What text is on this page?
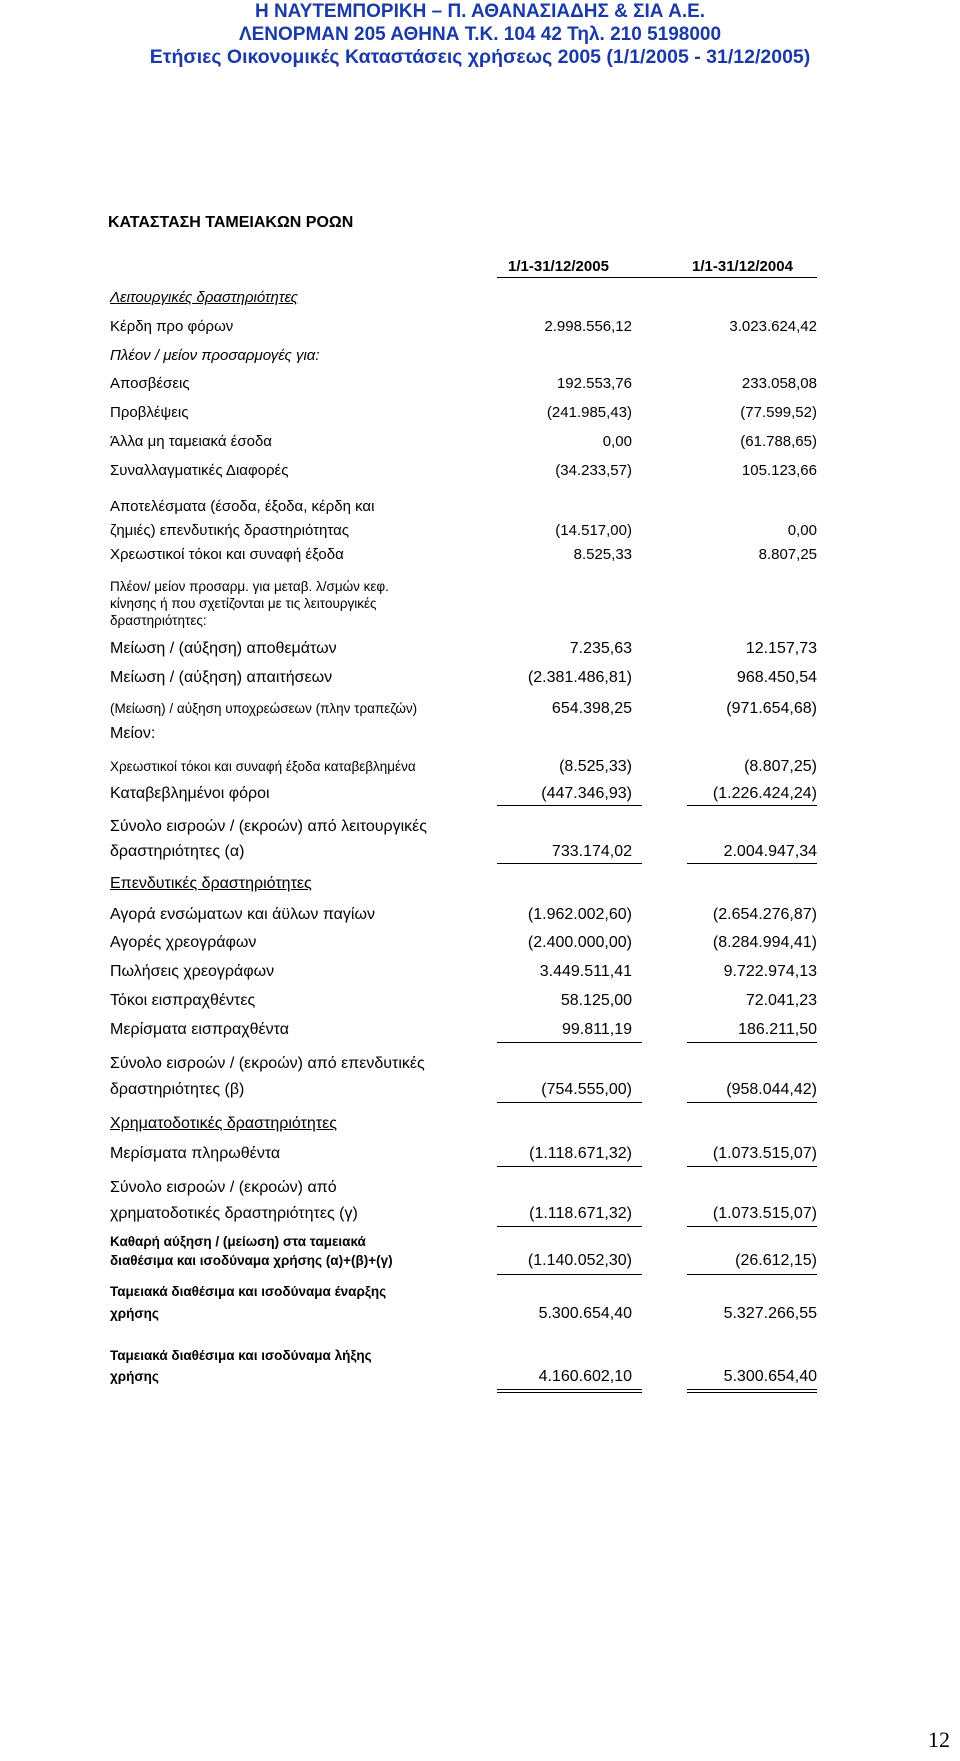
Η ΝΑΥΤΕΜΠΟΡΙΚΗ – Π. ΑΘΑΝΑΣΙΑΔΗΣ & ΣΙΑ Α.Ε.
ΛΕΝΟΡΜΑΝ 205 ΑΘΗΝΑ Τ.Κ. 104 42 Τηλ. 210 5198000
Ετήσιες Οικονομικές Καταστάσεις χρήσεως 2005 (1/1/2005 - 31/12/2005)
ΚΑΤΑΣΤΑΣΗ ΤΑΜΕΙΑΚΩΝ ΡΟΩΝ
1/1-31/12/2005	1/1-31/12/2004
Λειτουργικές δραστηριότητες
Κέρδη προ φόρων	2.998.556,12	3.023.624,42
Πλέον / μείον προσαρμογές για:
Αποσβέσεις	192.553,76	233.058,08
Προβλέψεις	(241.985,43)	(77.599,52)
Άλλα μη ταμειακά έσοδα	0,00	(61.788,65)
Συναλλαγματικές Διαφορές	(34.233,57)	105.123,66
Αποτελέσματα (έσοδα, έξοδα, κέρδη και
ζημιές) επενδυτικής δραστηριότητας	(14.517,00)	0,00
Χρεωστικοί τόκοι και συναφή έξοδα	8.525,33	8.807,25
Πλέον/ μείον προσαρμ. για μεταβ. λ/σμών κεφ.
κίνησης ή που σχετίζονται με τις λειτουργικές
δραστηριότητες:
Μείωση / (αύξηση) αποθεμάτων	7.235,63	12.157,73
Μείωση / (αύξηση) απαιτήσεων	(2.381.486,81)	968.450,54
(Μείωση) / αύξηση υποχρεώσεων (πλην τραπεζών)	654.398,25	(971.654,68)
Μείον:
Χρεωστικοί τόκοι και συναφή έξοδα καταβεβλημένα	(8.525,33)	(8.807,25)
Καταβεβλημένοι φόροι	(447.346,93)	(1.226.424,24)
Σύνολο εισροών / (εκροών) από λειτουργικές
δραστηριότητες (α)	733.174,02	2.004.947,34
Επενδυτικές δραστηριότητες
Αγορά ενσώματων και άϋλων παγίων	(1.962.002,60)	(2.654.276,87)
Αγορές χρεογράφων	(2.400.000,00)	(8.284.994,41)
Πωλήσεις χρεογράφων	3.449.511,41	9.722.974,13
Τόκοι εισπραχθέντες	58.125,00	72.041,23
Μερίσματα εισπραχθέντα	99.811,19	186.211,50
Σύνολο εισροών / (εκροών) από επενδυτικές
δραστηριότητες (β)	(754.555,00)	(958.044,42)
Χρηματοδοτικές δραστηριότητες
Μερίσματα πληρωθέντα	(1.118.671,32)	(1.073.515,07)
Σύνολο εισροών / (εκροών) από
χρηματοδοτικές δραστηριότητες (γ)	(1.118.671,32)	(1.073.515,07)
Καθαρή αύξηση / (μείωση) στα ταμειακά
διαθέσιμα και ισοδύναμα χρήσης (α)+(β)+(γ)	(1.140.052,30)	(26.612,15)
Ταμειακά διαθέσιμα και ισοδύναμα έναρξης
χρήσης	5.300.654,40	5.327.266,55
Ταμειακά διαθέσιμα και ισοδύναμα λήξης
χρήσης	4.160.602,10	5.300.654,40
12
